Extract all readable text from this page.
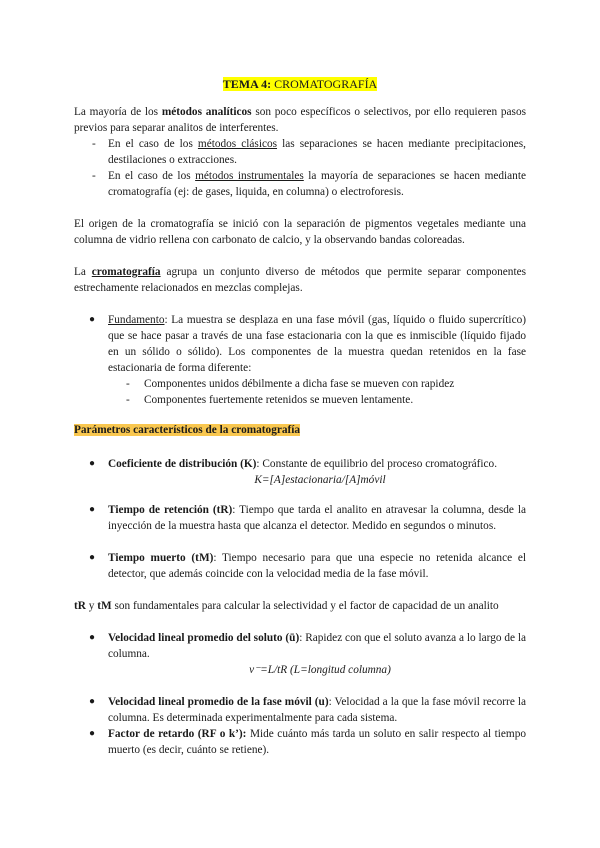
TEMA 4: CROMATOGRAFÍA

La mayoría de los métodos analíticos son poco específicos o selectivos, por ello requieren pasos previos para separar analitos de interferentes.

- En el caso de los métodos clásicos las separaciones se hacen mediante precipitaciones, destilaciones o extracciones.

- En el caso de los métodos instrumentales la mayoría de separaciones se hacen mediante cromatografía (ej: de gases, liquida, en columna) o electroforesis.

El origen de la cromatografía se inició con la separación de pigmentos vegetales mediante una columna de vidrio rellena con carbonato de calcio, y la observando bandas coloreadas.

La cromatografía agrupa un conjunto diverso de métodos que permite separar componentes estrechamente relacionados en mezclas complejas.

● Fundamento: La muestra se desplaza en una fase móvil (gas, líquido o fluido supercrítico) que se hace pasar a través de una fase estacionaria con la que es inmiscible (líquido fijado en un sólido o sólido). Los componentes de la muestra quedan retenidos en la fase estacionaria de forma diferente:

- Componentes unidos débilmente a dicha fase se mueven con rapidez

- Componentes fuertemente retenidos se mueven lentamente.

Parámetros característicos de la cromatografía

● Coeficiente de distribución (K): Constante de equilibrio del proceso cromatográfico.

K=[A]estacionaria/[A]móvil

● Tiempo de retención (tR): Tiempo que tarda el analito en atravesar la columna, desde la inyección de la muestra hasta que alcanza el detector. Medido en segundos o minutos.

● Tiempo muerto (tM): Tiempo necesario para que una especie no retenida alcance el detector, que además coincide con la velocidad media de la fase móvil.

tR y tM son fundamentales para calcular la selectividad y el factor de capacidad de un analito

● Velocidad lineal promedio del soluto (ū): Rapidez con que el soluto avanza a lo largo de la columna.

v⁻=L/tR (L=longitud columna)

● Velocidad lineal promedio de la fase móvil (u): Velocidad a la que la fase móvil recorre la columna. Es determinada experimentalmente para cada sistema.

● Factor de retardo (RF o k’): Mide cuánto más tarda un soluto en salir respecto al tiempo muerto (es decir, cuánto se retiene).
